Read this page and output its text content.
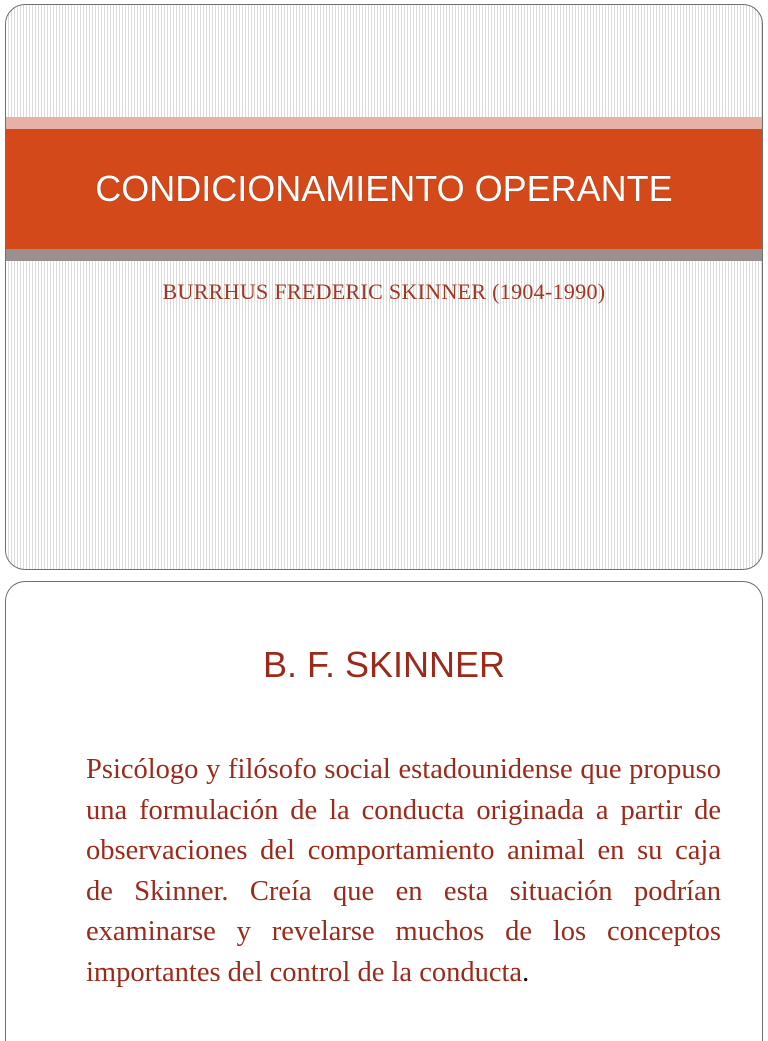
CONDICIONAMIENTO OPERANTE
BURRHUS FREDERIC SKINNER (1904-1990)
B. F. SKINNER
Psicólogo y filósofo social estadounidense que propuso una formulación de la conducta originada a partir de observaciones del comportamiento animal en su caja de Skinner. Creía que en esta situación podrían examinarse y revelarse muchos de los conceptos importantes del control de la conducta.
